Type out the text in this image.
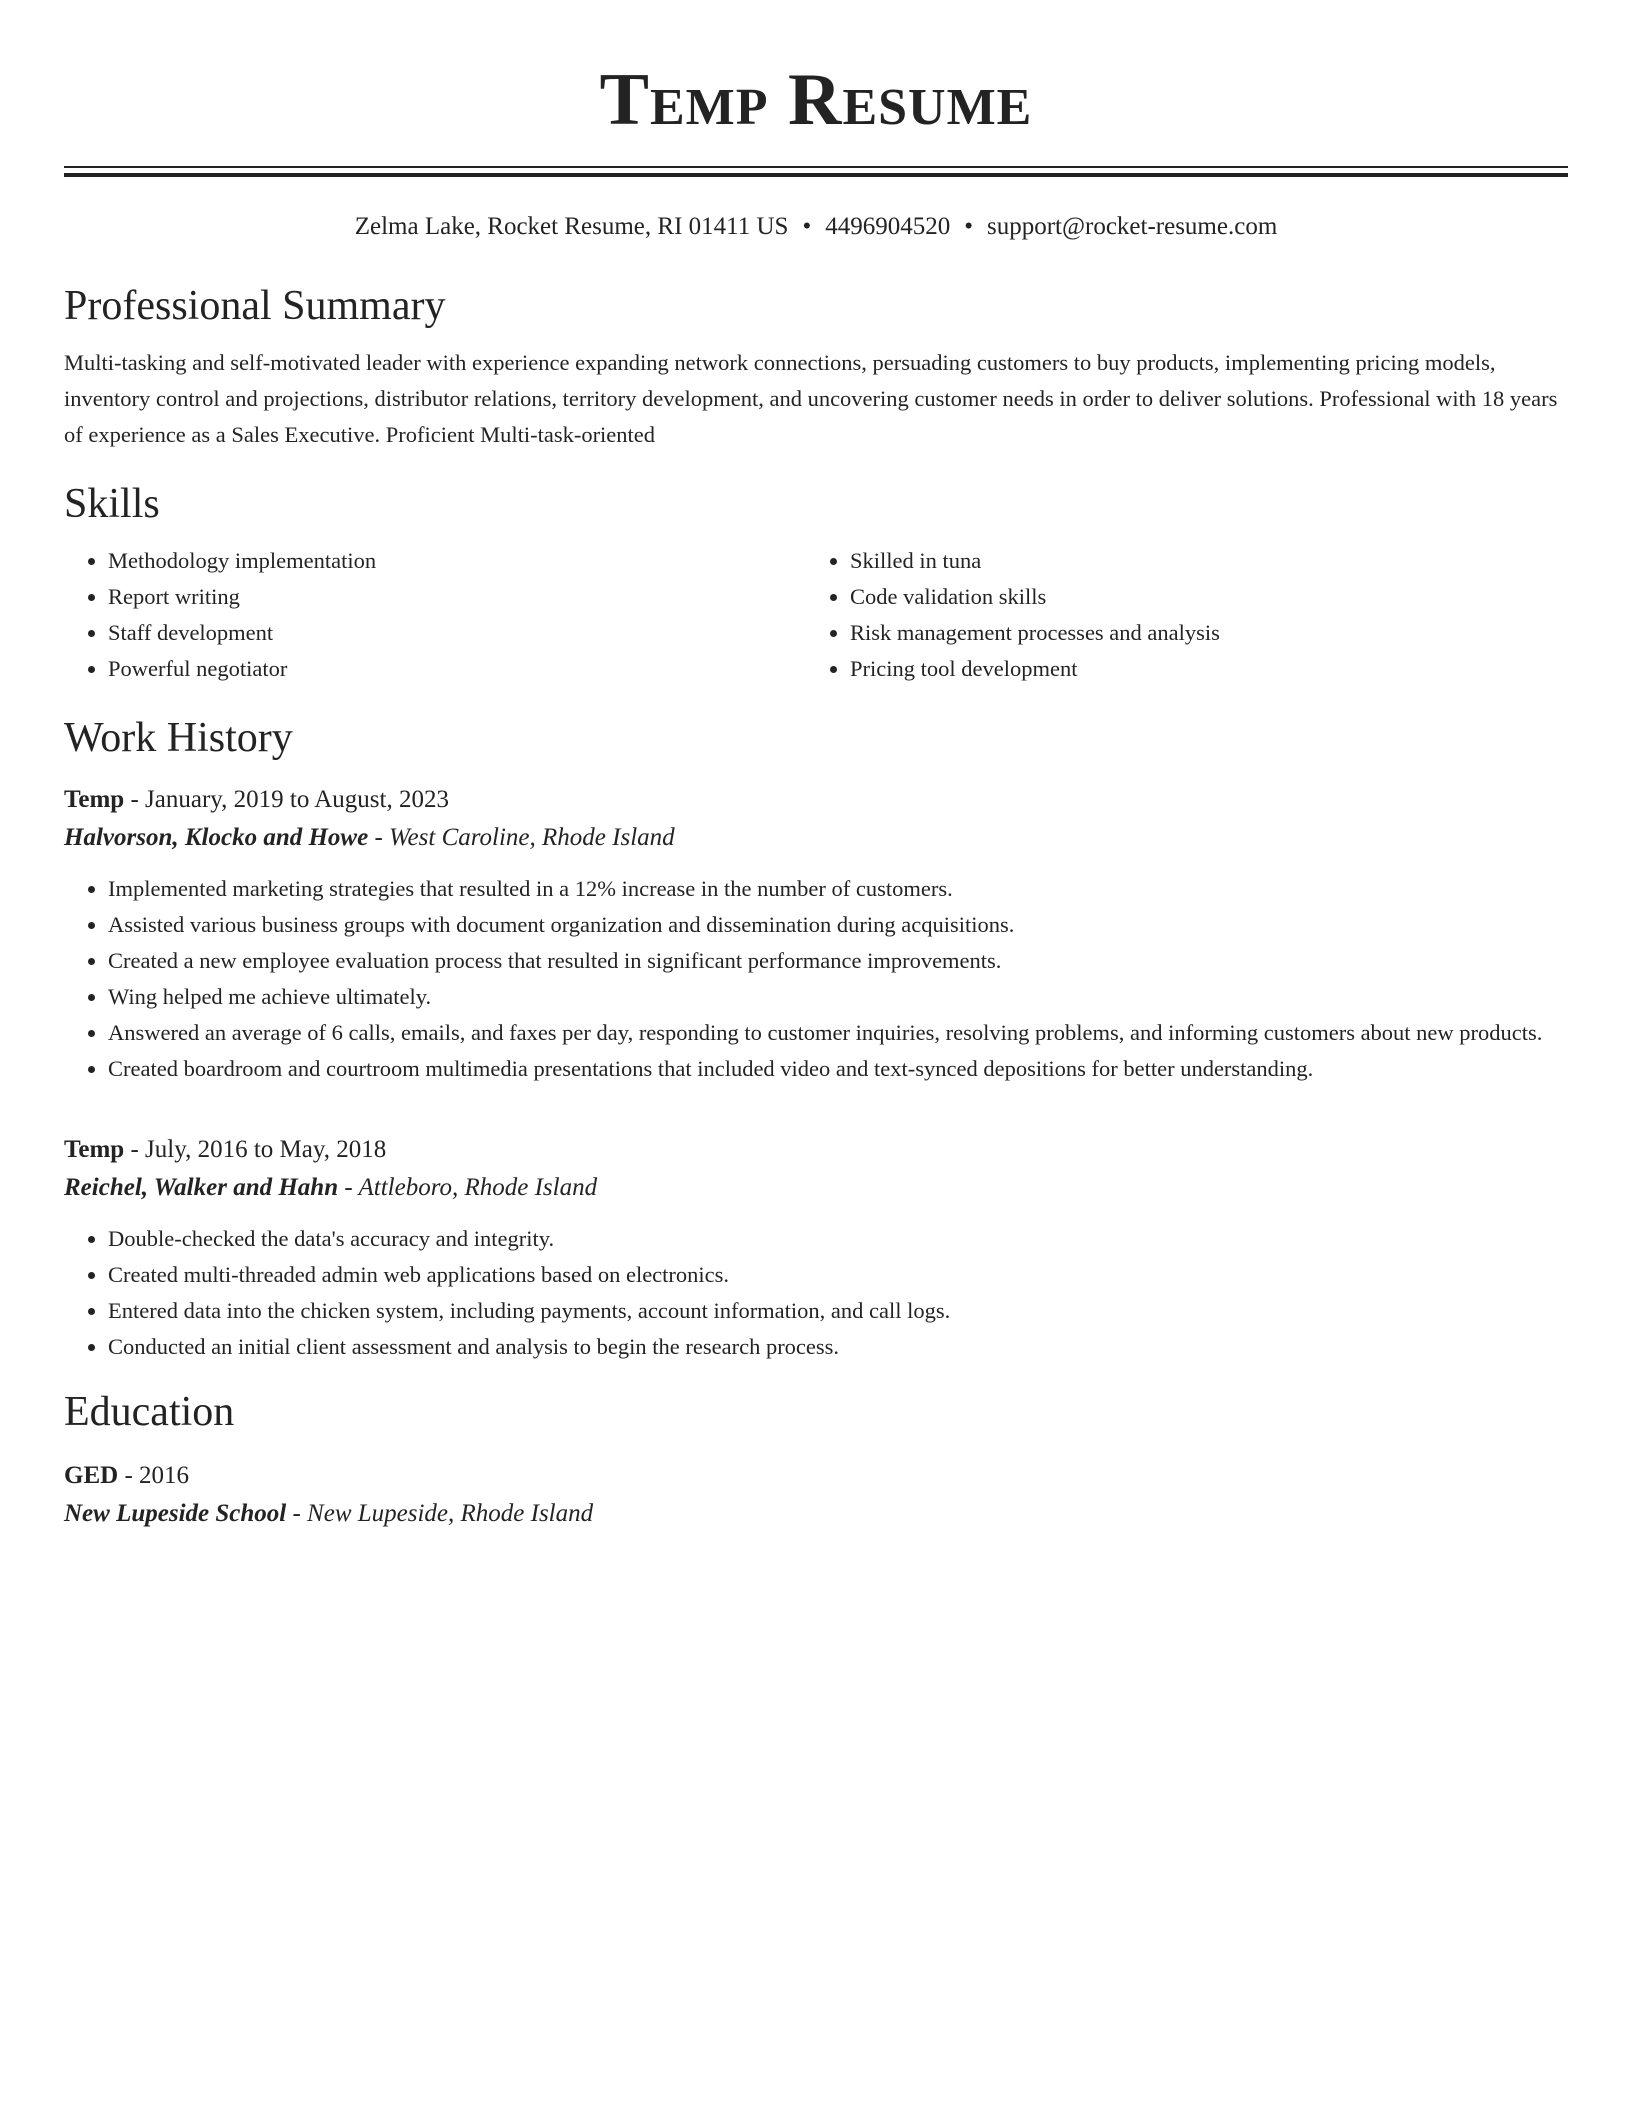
Temp Resume
Zelma Lake, Rocket Resume, RI 01411 US • 4496904520 • support@rocket-resume.com
Professional Summary

Multi-tasking and self-motivated leader with experience expanding network connections, persuading customers to buy products, implementing pricing models, inventory control and projections, distributor relations, territory development, and uncovering customer needs in order to deliver solutions. Professional with 18 years of experience as a Sales Executive. Proficient Multi-task-oriented

Skills
• Methodology implementation
• Report writing
• Staff development
• Powerful negotiator
• Skilled in tuna
• Code validation skills
• Risk management processes and analysis
• Pricing tool development
Work History
Temp - January, 2019 to August, 2023
Halvorson, Klocko and Howe - West Caroline, Rhode Island
• Implemented marketing strategies that resulted in a 12% increase in the number of customers.
• Assisted various business groups with document organization and dissemination during acquisitions.
• Created a new employee evaluation process that resulted in significant performance improvements.
• Wing helped me achieve ultimately.
• Answered an average of 6 calls, emails, and faxes per day, responding to customer inquiries, resolving problems, and informing customers about new products.
• Created boardroom and courtroom multimedia presentations that included video and text-synced depositions for better understanding.
Temp - July, 2016 to May, 2018
Reichel, Walker and Hahn - Attleboro, Rhode Island
• Double-checked the data's accuracy and integrity.
• Created multi-threaded admin web applications based on electronics.
• Entered data into the chicken system, including payments, account information, and call logs.
• Conducted an initial client assessment and analysis to begin the research process.
Education
GED - 2016
New Lupeside School - New Lupeside, Rhode Island
